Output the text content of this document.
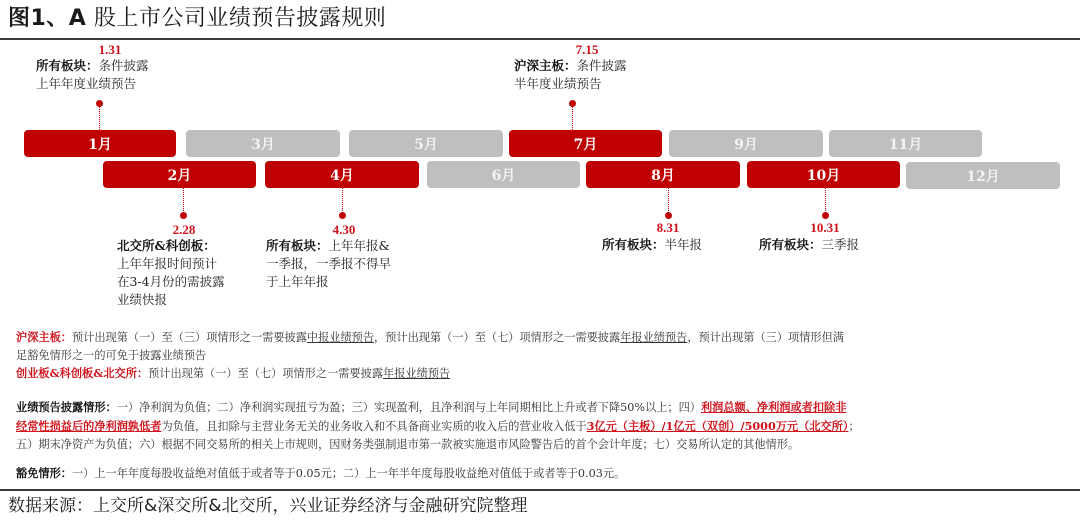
图1、A 股上市公司业绩预告披露规则
1.31
所有板块：条件披露
上年年度业绩预告
7.15
沪深主板：条件披露
半年度业绩预告
1月	3月	5月	7月	9月	11月
2月	4月	6月	8月	10月	12月
2.28
北交所&科创板：
上年年报时间预计
在3-4月份的需披露
业绩快报
4.30
所有板块：上年年报&
一季报，一季报不得早
于上年年报
8.31
所有板块：半年报
10.31
所有板块：三季报
沪深主板：预计出现第（一）至（三）项情形之一需要披露中报业绩预告，预计出现第（一）至（七）项情形之一需要披露年报业绩预告，预计出现第（三）项情形但满
足豁免情形之一的可免于披露业绩预告
创业板&科创板&北交所：预计出现第（一）至（七）项情形之一需要披露年报业绩预告
业绩预告披露情形：一）净利润为负值；二）净利润实现扭亏为盈；三）实现盈利，且净利润与上年同期相比上升或者下降50%以上；四）利润总额、净利润或者扣除非
经常性损益后的净利润孰低者为负值，且扣除与主营业务无关的业务收入和不具备商业实质的收入后的营业收入低于3亿元（主板）/1亿元（双创）/5000万元（北交所）；
五）期末净资产为负值；六）根据不同交易所的相关上市规则，因财务类强制退市第一款被实施退市风险警告后的首个会计年度；七）交易所认定的其他情形。
豁免情形：一）上一年年度每股收益绝对值低于或者等于0.05元；二）上一年半年度每股收益绝对值低于或者等于0.03元。
数据来源：上交所&深交所&北交所，兴业证券经济与金融研究院整理
